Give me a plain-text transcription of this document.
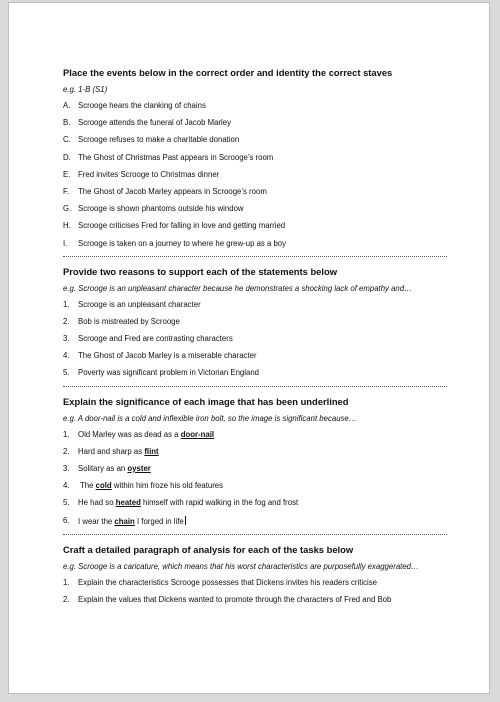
Place the events below in the correct order and identity the correct staves
e.g. 1-B (S1)
A. Scrooge hears the clanking of chains
B. Scrooge attends the funeral of Jacob Marley
C. Scrooge refuses to make a charitable donation
D. The Ghost of Christmas Past appears in Scrooge’s room
E. Fred invites Scrooge to Christmas dinner
F.	The Ghost of Jacob Marley appears in Scrooge’s room
G. Scrooge is shown phantoms outside his window
H. Scrooge criticises Fred for falling in love and getting married
I.	Scrooge is taken on a journey to where he grew-up as a boy
Provide two reasons to support each of the statements below
e.g. Scrooge is an unpleasant character because he demonstrates a shocking lack of empathy and…
1.	Scrooge is an unpleasant character
2.	Bob is mistreated by Scrooge
3.	Scrooge and Fred are contrasting characters
4.	The Ghost of Jacob Marley is a miserable character
5.	Poverty was significant problem in Victorian England
Explain the significance of each image that has been underlined
e.g. A door-nail is a cold and inflexible iron bolt, so the image is significant because…
1.	Old Marley was as dead as a door-nail
2.	Hard and sharp as flint
3.	Solitary as an oyster
4.	The cold within him froze his old features
5.	He had so heated himself with rapid walking in the fog and frost
6.	I wear the chain I forged in life
Craft a detailed paragraph of analysis for each of the tasks below
e.g. Scrooge is a caricature, which means that his worst characteristics are purposefully exaggerated…
1.	Explain the characteristics Scrooge possesses that Dickens invites his readers criticise
2.	Explain the values that Dickens wanted to promote through the characters of Fred and Bob
